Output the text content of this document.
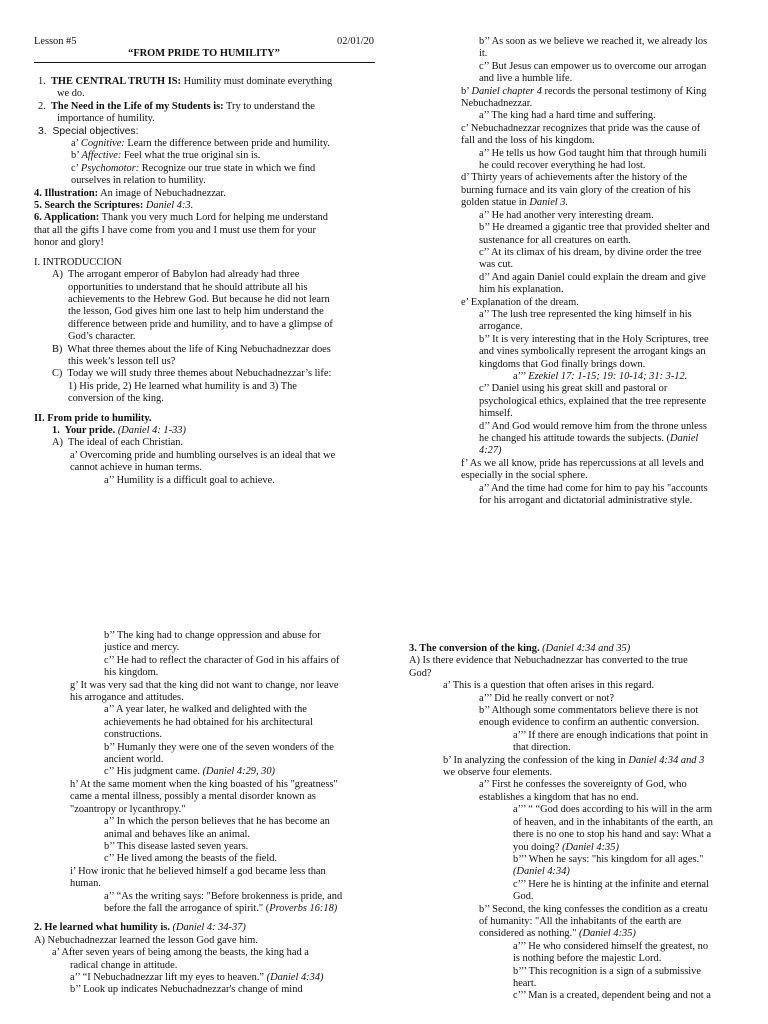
Lesson #5	02/01/20
“FROM PRIDE TO HUMILITY”
1.  THE CENTRAL TRUTH IS: Humility must dominate everything
we do.
2.  The Need in the Life of my Students is: Try to understand the
importance of humility.
3.  Special objectives:
a’ Cognitive: Learn the difference between pride and humility.
b’ Affective: Feel what the true original sin is.
c’ Psychomotor: Recognize our true state in which we find
ourselves in relation to humility.
4. Illustration: An image of Nebuchadnezzar.
5. Search the Scriptures: Daniel 4:3.
6. Application: Thank you very much Lord for helping me understand
that all the gifts I have come from you and I must use them for your
honor and glory!
I. INTRODUCCION
A)  The arrogant emperor of Babylon had already had three
opportunities to understand that he should attribute all his
achievements to the Hebrew God. But because he did not learn
the lesson, God gives him one last to help him understand the
difference between pride and humility, and to have a glimpse of
God’s character.
B)  What three themes about the life of King Nebuchadnezzar does
this week’s lesson tell us?
C)  Today we will study three themes about Nebuchadnezzar’s life:
1) His pride, 2) He learned what humility is and 3) The
conversion of the king.
II. From pride to humility.
1.  Your pride. (Daniel 4: 1-33)
A)  The ideal of each Christian.
a’ Overcoming pride and humbling ourselves is an ideal that we
cannot achieve in human terms.
a’’ Humility is a difficult goal to achieve.
b’’ As soon as we believe we reached it, we already los
it.
c’’ But Jesus can empower us to overcome our arrogan
and live a humble life.
b’ Daniel chapter 4 records the personal testimony of King
Nebuchadnezzar.
a’’ The king had a hard time and suffering.
c’ Nebuchadnezzar recognizes that pride was the cause of
fall and the loss of his kingdom.
a’’ He tells us how God taught him that through humili
he could recover everything he had lost.
d’ Thirty years of achievements after the history of the
burning furnace and its vain glory of the creation of his
golden statue in Daniel 3.
a’’ He had another very interesting dream.
b’’ He dreamed a gigantic tree that provided shelter and
sustenance for all creatures on earth.
c’’ At its climax of his dream, by divine order the tree
was cut.
d’’ And again Daniel could explain the dream and give
him his explanation.
e’ Explanation of the dream.
a’’ The lush tree represented the king himself in his
arrogance.
b’’ It is very interesting that in the Holy Scriptures, tree
and vines symbolically represent the arrogant kings an
kingdoms that God finally brings down.
a’’’ Ezekiel 17: 1-15; 19: 10-14; 31: 3-12.
c’’ Daniel using his great skill and pastoral or
psychological ethics, explained that the tree represente
himself.
d’’ And God would remove him from the throne unless
he changed his attitude towards the subjects. (Daniel
4:27)
f’ As we all know, pride has repercussions at all levels and
especially in the social sphere.
a’’ And the time had come for him to pay his "accounts
for his arrogant and dictatorial administrative style.
b’’ The king had to change oppression and abuse for
justice and mercy.
c’’ He had to reflect the character of God in his affairs of
his kingdom.
g’ It was very sad that the king did not want to change, nor leave
his arrogance and attitudes.
a’’ A year later, he walked and delighted with the
achievements he had obtained for his architectural
constructions.
b’’ Humanly they were one of the seven wonders of the
ancient world.
c’’ His judgment came. (Daniel 4:29, 30)
h’ At the same moment when the king boasted of his "greatness"
came a mental illness, possibly a mental disorder known as
"zoantropy or lycanthropy."
a’’ In which the person believes that he has become an
animal and behaves like an animal.
b’’ This disease lasted seven years.
c’’ He lived among the beasts of the field.
i’ How ironic that he believed himself a god became less than
human.
a’’ “As the writing says: "Before brokenness is pride, and
before the fall the arrogance of spirit." (Proverbs 16:18)
2. He learned what humility is. (Daniel 4: 34-37)
A) Nebuchadnezzar learned the lesson God gave him.
a’ After seven years of being among the beasts, the king had a
radical change in attitude.
a’’ “I Nebuchadnezzar lift my eyes to heaven.” (Daniel 4:34)
b’’ Look up indicates Nebuchadnezzar's change of mind
3. The conversion of the king. (Daniel 4:34 and 35)
A) Is there evidence that Nebuchadnezzar has converted to the true
God?
a’ This is a question that often arises in this regard.
a’’’ Did he really convert or not?
b’’ Although some commentators believe there is not
enough evidence to confirm an authentic conversion.
a’’’ If there are enough indications that point in
that direction.
b’ In analyzing the confession of the king in Daniel 4:34 and 3
we observe four elements.
a’’ First he confesses the sovereignty of God, who
establishes a kingdom that has no end.
a’’’ “ “God does according to his will in the arm
of heaven, and in the inhabitants of the earth, an
there is no one to stop his hand and say: What a
you doing? (Daniel 4:35)
b’’’ When he says: "his kingdom for all ages."
(Daniel 4:34)
c’’’ Here he is hinting at the infinite and eternal
God.
b’’ Second, the king confesses the condition as a creatu
of humanity: "All the inhabitants of the earth are
considered as nothing." (Daniel 4:35)
a’’’ He who considered himself the greatest, no
is nothing before the majestic Lord.
b’’’ This recognition is a sign of a submissive
heart.
c’’’ Man is a created, dependent being and not a
